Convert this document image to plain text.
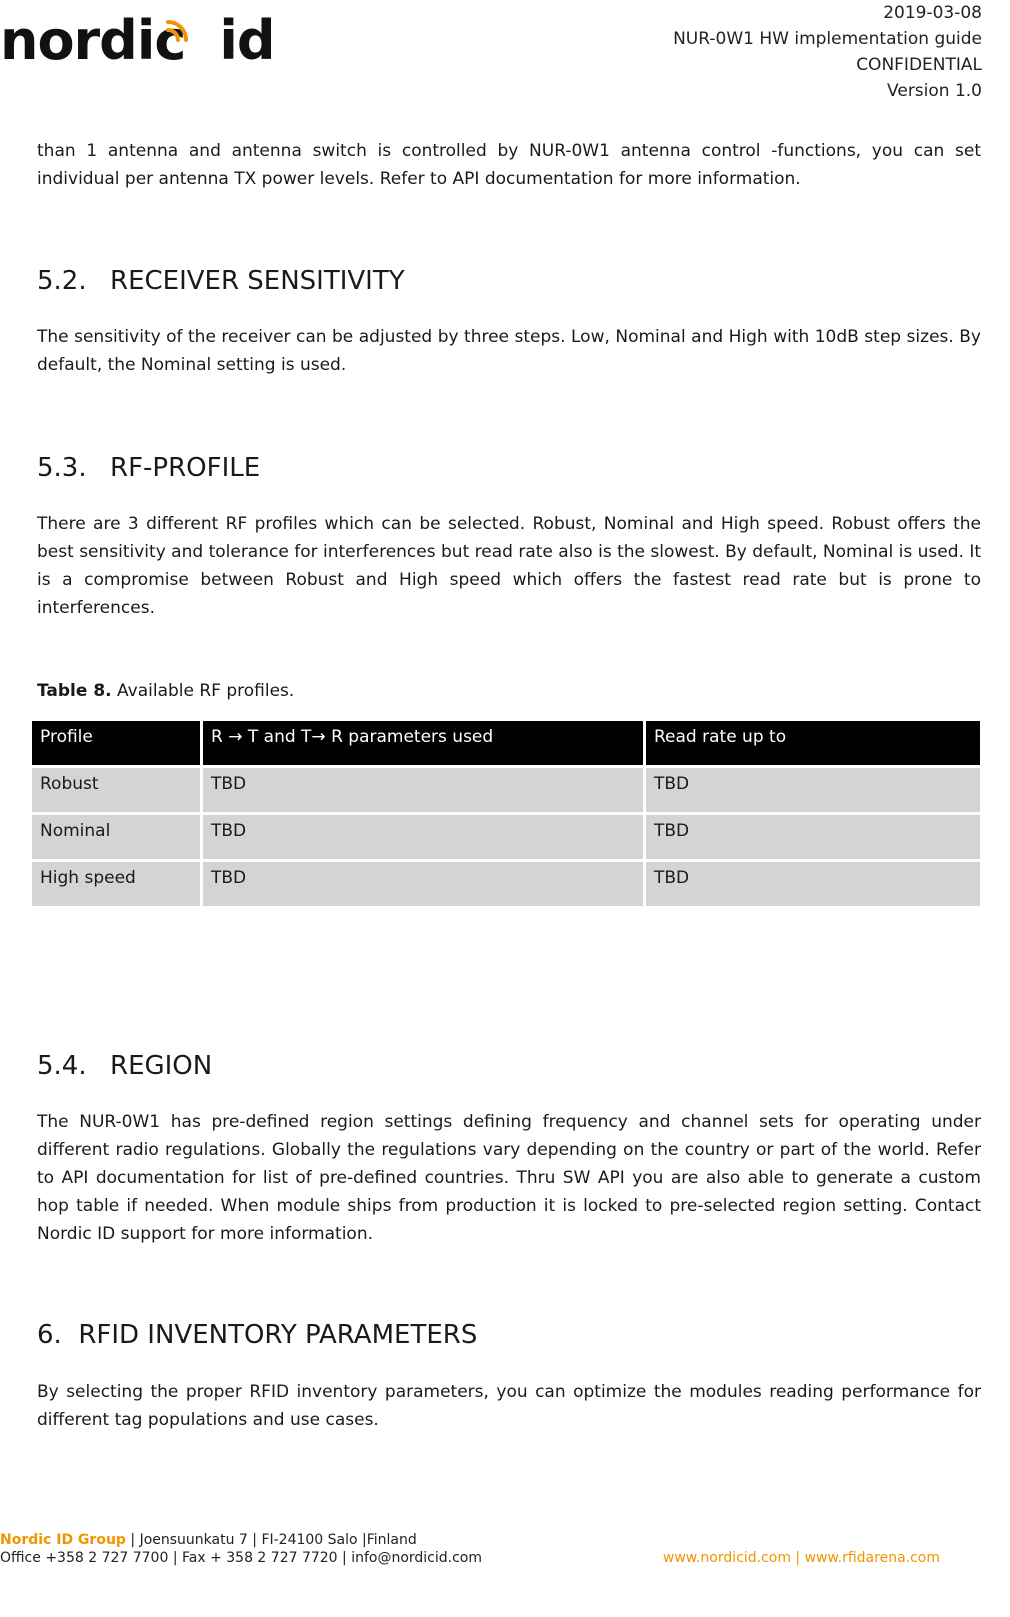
nordic id	2019-03-08
NUR-0W1 HW implementation guide
CONFIDENTIAL
Version 1.0
than 1 antenna and antenna switch is controlled by NUR-0W1 antenna control -functions, you can set individual per antenna TX power levels. Refer to API documentation for more information.
5.2. RECEIVER SENSITIVITY
The sensitivity of the receiver can be adjusted by three steps. Low, Nominal and High with 10dB step sizes. By default, the Nominal setting is used.
5.3. RF-PROFILE
There are 3 different RF profiles which can be selected. Robust, Nominal and High speed. Robust offers the best sensitivity and tolerance for interferences but read rate also is the slowest. By default, Nominal is used. It is a compromise between Robust and High speed which offers the fastest read rate but is prone to interferences.
Table 8. Available RF profiles.
Profile	R → T and T→ R parameters used	Read rate up to
Robust	TBD	TBD
Nominal	TBD	TBD
High speed	TBD	TBD
5.4. REGION
The NUR-0W1 has pre-defined region settings defining frequency and channel sets for operating under different radio regulations. Globally the regulations vary depending on the country or part of the world. Refer to API documentation for list of pre-defined countries. Thru SW API you are also able to generate a custom hop table if needed. When module ships from production it is locked to pre-selected region setting. Contact Nordic ID support for more information.
6.  RFID INVENTORY PARAMETERS
By selecting the proper RFID inventory parameters, you can optimize the modules reading performance for different tag populations and use cases.
Nordic ID Group | Joensuunkatu 7 | FI-24100 Salo |Finland
Office +358 2 727 7700 | Fax + 358 2 727 7720 | info@nordicid.com	www.nordicid.com | www.rfidarena.com
